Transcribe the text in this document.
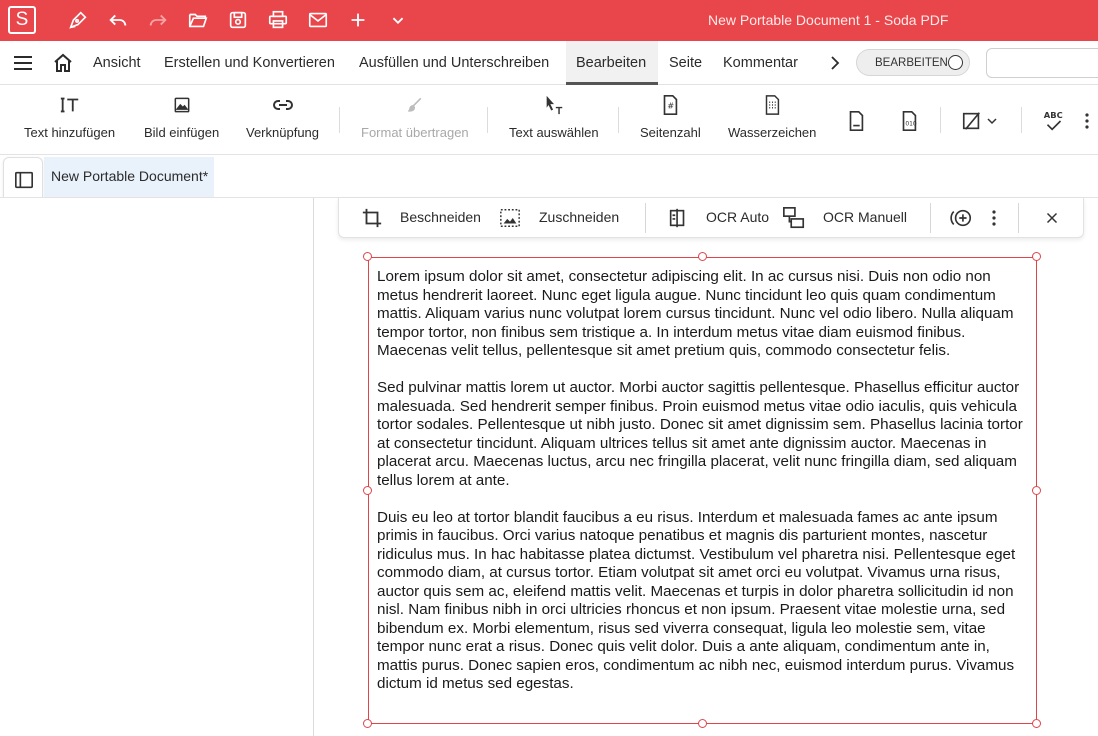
S	New Portable Document 1 - Soda PDF
Ansicht Erstellen und Konvertieren Ausfüllen und Unterschreiben Bearbeiten Seite Kommentar	BEARBEITEN
Text hinzufügen Bild einfügen Verknüpfung	Format übertragen	Text auswählen
#
Seitenzahl Wasserzeichen
010
ABC
New Portable Document*
Beschneiden	Zuschneiden	OCR Auto	OCR Manuell

Lorem ipsum dolor sit amet, consectetur adipiscing elit. In ac cursus nisi. Duis non odio non metus hendrerit laoreet. Nunc eget ligula augue. Nunc tincidunt leo quis quam condimentum mattis. Aliquam varius nunc volutpat lorem cursus tincidunt. Nunc vel odio libero. Nulla aliquam tempor tortor, non finibus sem tristique a. In interdum metus vitae diam euismod finibus. Maecenas velit tellus, pellentesque sit amet pretium quis, commodo consectetur felis.

Sed pulvinar mattis lorem ut auctor. Morbi auctor sagittis pellentesque. Phasellus efficitur auctor malesuada. Sed hendrerit semper finibus. Proin euismod metus vitae odio iaculis, quis vehicula tortor sodales. Pellentesque ut nibh justo. Donec sit amet dignissim sem. Phasellus lacinia tortor at consectetur tincidunt. Aliquam ultrices tellus sit amet ante dignissim auctor. Maecenas in placerat arcu. Maecenas luctus, arcu nec fringilla placerat, velit nunc fringilla diam, sed aliquam tellus lorem at ante.

Duis eu leo at tortor blandit faucibus a eu risus. Interdum et malesuada fames ac ante ipsum primis in faucibus. Orci varius natoque penatibus et magnis dis parturient montes, nascetur ridiculus mus. In hac habitasse platea dictumst. Vestibulum vel pharetra nisi. Pellentesque eget commodo diam, at cursus tortor. Etiam volutpat sit amet orci eu volutpat. Vivamus urna risus, auctor quis sem ac, eleifend mattis velit. Maecenas et turpis in dolor pharetra sollicitudin id non nisl. Nam finibus nibh in orci ultricies rhoncus et non ipsum. Praesent vitae molestie urna, sed bibendum ex. Morbi elementum, risus sed viverra consequat, ligula leo molestie sem, vitae tempor nunc erat a risus. Donec quis velit dolor. Duis a ante aliquam, condimentum ante in, mattis purus. Donec sapien eros, condimentum ac nibh nec, euismod interdum purus. Vivamus dictum id metus sed egestas.
